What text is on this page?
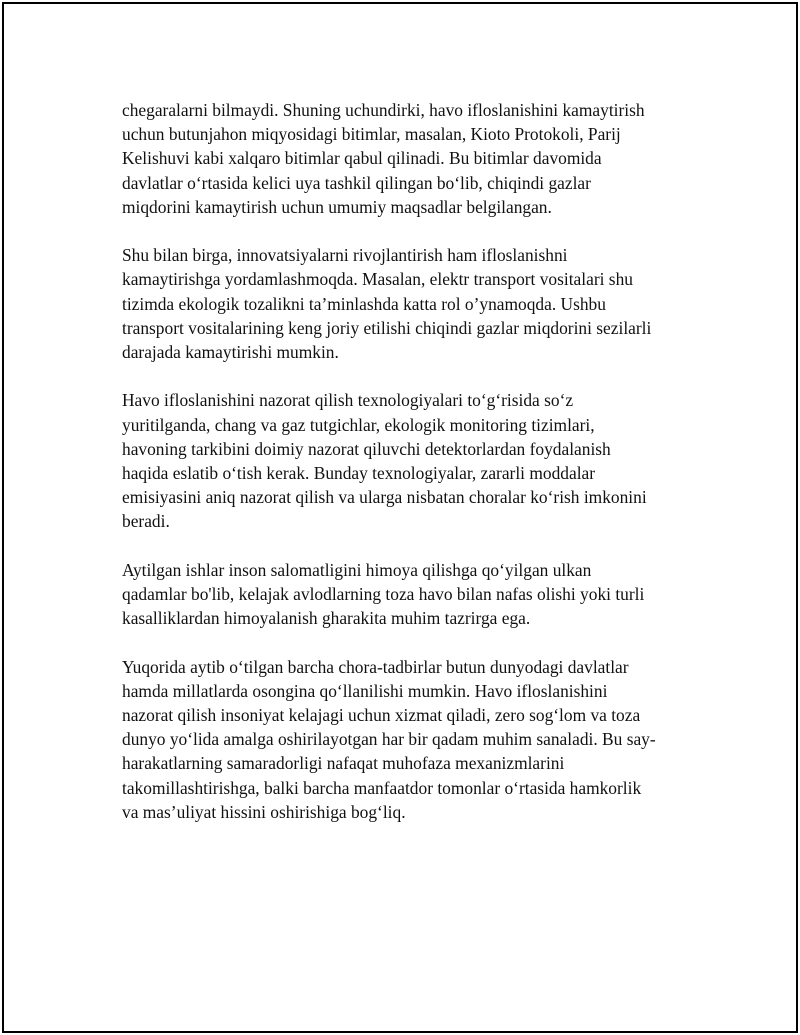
chegaralarni bilmaydi. Shuning uchundirki, havo ifloslanishini kamaytirish
uchun butunjahon miqyosidagi bitimlar, masalan, Kioto Protokoli, Parij
Kelishuvi kabi xalqaro bitimlar qabul qilinadi. Bu bitimlar davomida
davlatlar o‘rtasida kelici uya tashkil qilingan bo‘lib, chiqindi gazlar
miqdorini kamaytirish uchun umumiy maqsadlar belgilangan.

Shu bilan birga, innovatsiyalarni rivojlantirish ham ifloslanishni
kamaytirishga yordamlashmoqda. Masalan, elektr transport vositalari shu
tizimda ekologik tozalikni ta’minlashda katta rol o’ynamoqda. Ushbu
transport vositalarining keng joriy etilishi chiqindi gazlar miqdorini sezilarli
darajada kamaytirishi mumkin.

Havo ifloslanishini nazorat qilish texnologiyalari to‘g‘risida so‘z
yuritilganda, chang va gaz tutgichlar, ekologik monitoring tizimlari,
havoning tarkibini doimiy nazorat qiluvchi detektorlardan foydalanish
haqida eslatib o‘tish kerak. Bunday texnologiyalar, zararli moddalar
emisiyasini aniq nazorat qilish va ularga nisbatan choralar ko‘rish imkonini
beradi.

Aytilgan ishlar inson salomatligini himoya qilishga qo‘yilgan ulkan
qadamlar bo'lib, kelajak avlodlarning toza havo bilan nafas olishi yoki turli
kasalliklardan himoyalanish gharakita muhim tazrirga ega.

Yuqorida aytib o‘tilgan barcha chora-tadbirlar butun dunyodagi davlatlar
hamda millatlarda osongina qo‘llanilishi mumkin. Havo ifloslanishini
nazorat qilish insoniyat kelajagi uchun xizmat qiladi, zero sog‘lom va toza
dunyo yo‘lida amalga oshirilayotgan har bir qadam muhim sanaladi. Bu say-
harakatlarning samaradorligi nafaqat muhofaza mexanizmlarini
takomillashtirishga, balki barcha manfaatdor tomonlar o‘rtasida hamkorlik
va mas’uliyat hissini oshirishiga bog‘liq.
